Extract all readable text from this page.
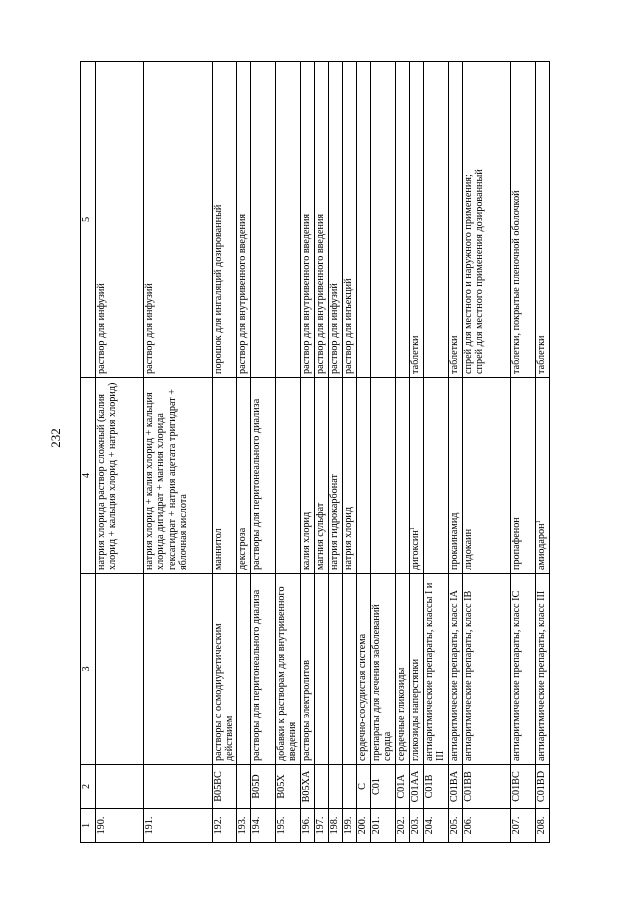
232
1	2	3	4	5
190.			натрия хлорида раствор сложный (калия хлорид + кальция хлорид + натрия хлорид)	раствор для инфузий
191.			натрия хлорид + калия хлорид + кальция хлорида дигидрат + магния хлорида гексагидрат + натрия ацетата тригидрат + яблочная кислота	раствор для инфузий
192.	B05BC	растворы с осмодиуретическим действием	маннитол	порошок для ингаляций дозированный
193.			декстроза	раствор для внутривенного введения
194.	B05D	растворы для перитонеального диализа	растворы для перитонеального диализа	
195.	B05X	добавки к растворам для внутривенного введения		
196.	B05XA	растворы электролитов	калия хлорид	раствор для внутривенного введения
197.			магния сульфат	раствор для внутривенного введения
198.			натрия гидрокарбонат	раствор для инфузий
199.			натрия хлорид	раствор для инъекций
200.	C	сердечно-сосудистая система		
201.	C01	препараты для лечения заболеваний сердца		
202.	C01A	сердечные гликозиды		
203.	C01AA	гликозиды наперстянки	дигоксин$^1$	таблетки
204.	C01B	антиаритмические препараты, классы I и III		
205.	C01BA	антиаритмические препараты, класс IA	прокаинамид	таблетки
206.	C01BB	антиаритмические препараты, класс IB	лидокаин	спрей для местного и наружного применения; спрей для местного применения дозированный

207.	C01BC	антиаритмические препараты, класс IC	пропафенон	таблетки, покрытые пленочной оболочкой
208.	C01BD	антиаритмические препараты, класс III	амиодарон$^1$	таблетки
